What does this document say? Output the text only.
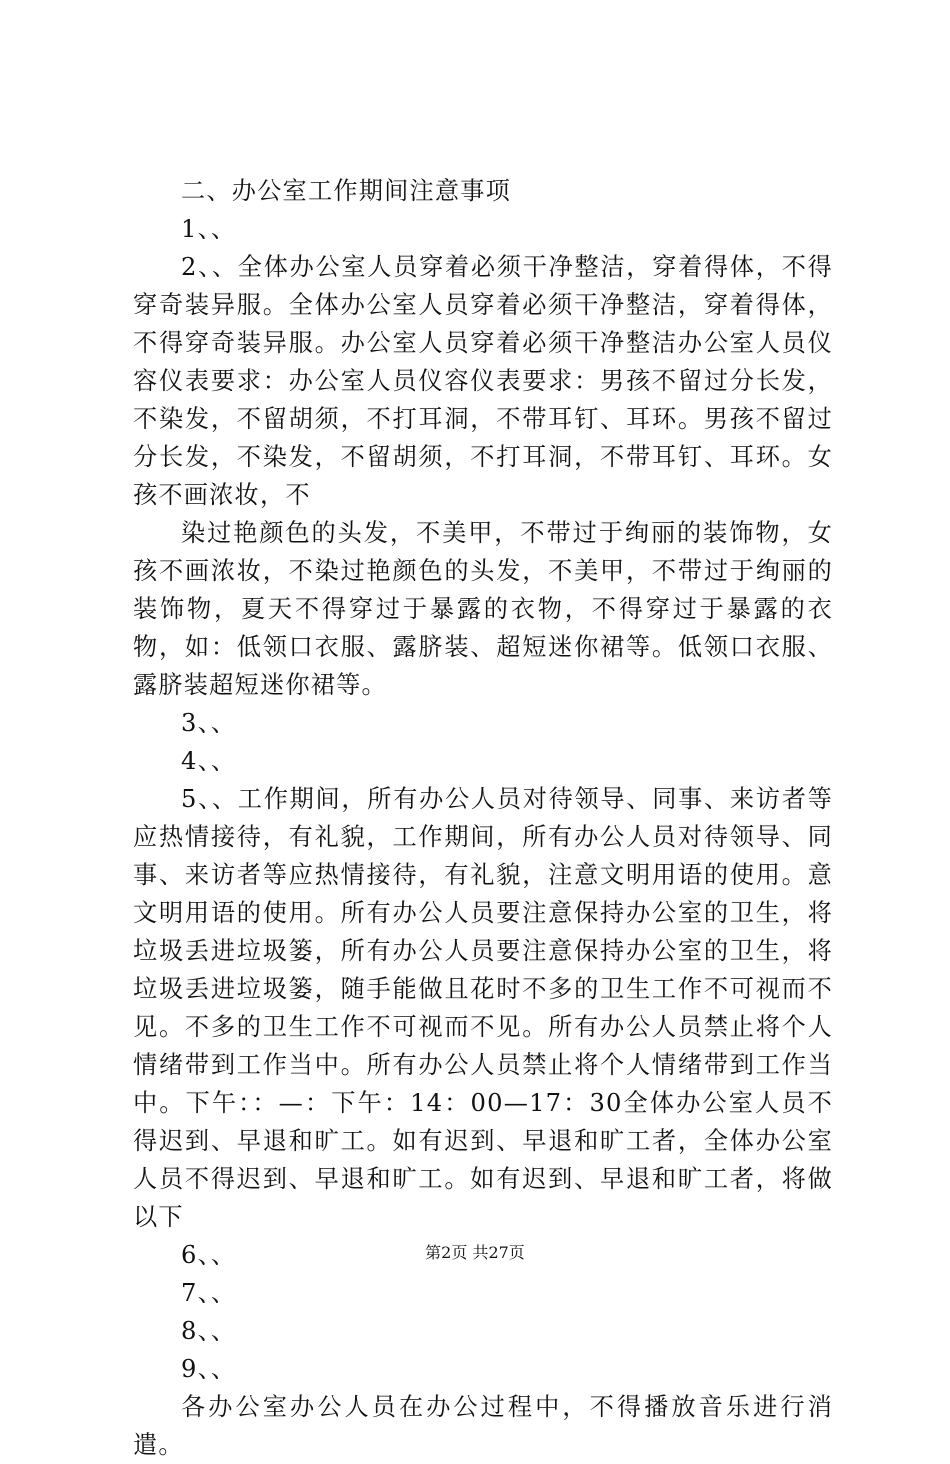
二、办公室工作期间注意事项

1、、

2、、全体办公室人员穿着必须干净整洁，穿着得体，不得穿奇装异服。全体办公室人员穿着必须干净整洁，穿着得体，不得穿奇装异服。办公室人员穿着必须干净整洁办公室人员仪容仪表要求：办公室人员仪容仪表要求：男孩不留过分长发，不染发，不留胡须，不打耳洞，不带耳钉、耳环。男孩不留过分长发，不染发，不留胡须，不打耳洞，不带耳钉、耳环。女孩不画浓妆，不

染过艳颜色的头发，不美甲，不带过于绚丽的装饰物，女孩不画浓妆，不染过艳颜色的头发，不美甲，不带过于绚丽的装饰物，夏天不得穿过于暴露的衣物，不得穿过于暴露的衣物，如：低领口衣服、露脐装、超短迷你裙等。低领口衣服、露脐装超短迷你裙等。

3、、

4、、

5、、工作期间，所有办公人员对待领导、同事、来访者等应热情接待，有礼貌，工作期间，所有办公人员对待领导、同事、来访者等应热情接待，有礼貌，注意文明用语的使用。意文明用语的使用。所有办公人员要注意保持办公室的卫生，将垃圾丢进垃圾篓，所有办公人员要注意保持办公室的卫生，将垃圾丢进垃圾篓，随手能做且花时不多的卫生工作不可视而不见。不多的卫生工作不可视而不见。所有办公人员禁止将个人情绪带到工作当中。所有办公人员禁止将个人情绪带到工作当中。下午：：—：下午：14：00—17：30全体办公室人员不得迟到、早退和旷工。如有迟到、早退和旷工者，全体办公室人员不得迟到、早退和旷工。如有迟到、早退和旷工者，将做以下

6、、

7、、

8、、

9、、

各办公室办公人员在办公过程中，不得播放音乐进行消遣。

第2页 共27页
